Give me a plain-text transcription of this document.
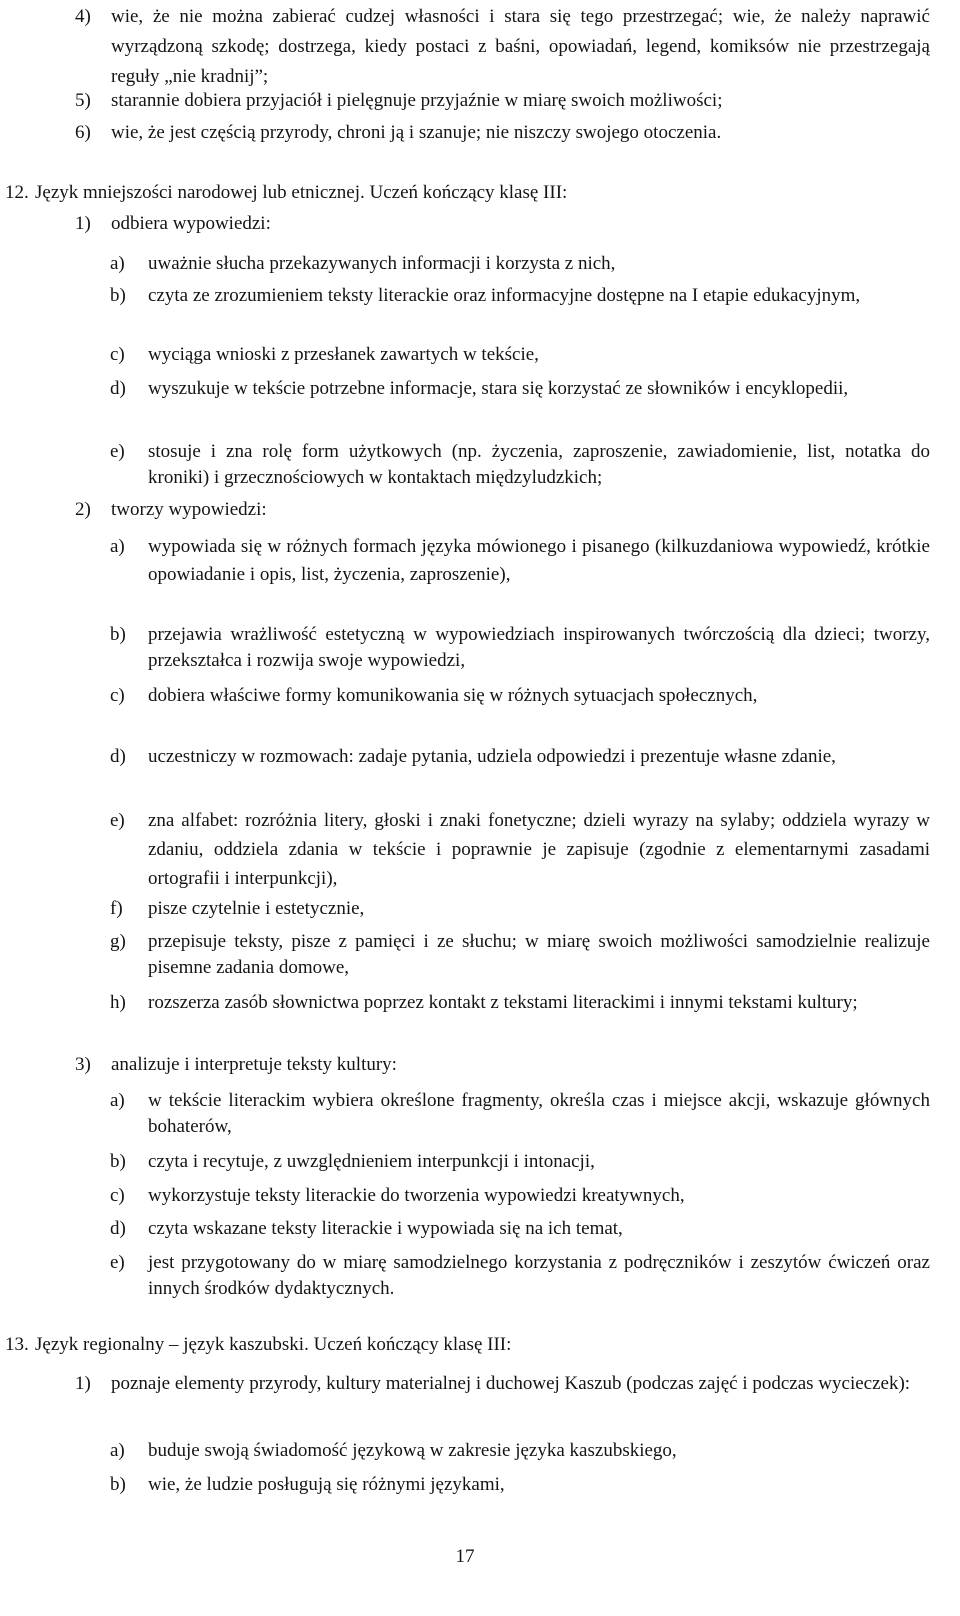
4)	wie, że nie można zabierać cudzej własności i stara się tego przestrzegać; wie, że należy naprawić wyrządzoną szkodę; dostrzega, kiedy postaci z baśni, opowiadań, legend, komiksów nie przestrzegają reguły „nie kradnij”;
5)	starannie dobiera przyjaciół i pielęgnuje przyjaźnie w miarę swoich możliwości;
6)	wie, że jest częścią przyrody, chroni ją i szanuje; nie niszczy swojego otoczenia.
12. Język mniejszości narodowej lub etnicznej. Uczeń kończący klasę III:
1)	odbiera wypowiedzi:
a)	uważnie słucha przekazywanych informacji i korzysta z nich,
b)	czyta ze zrozumieniem teksty literackie oraz informacyjne dostępne na I etapie edukacyjnym,
c)	wyciąga wnioski z przesłanek zawartych w tekście,
d)	wyszukuje w tekście potrzebne informacje, stara się korzystać ze słowników i encyklopedii,
e)	stosuje i zna rolę form użytkowych (np. życzenia, zaproszenie, zawiadomienie, list, notatka do kroniki) i grzecznościowych w kontaktach międzyludzkich;
2)	tworzy wypowiedzi:
a)	wypowiada się w różnych formach języka mówionego i pisanego (kilkuzdaniowa wypowiedź, krótkie opowiadanie i opis, list, życzenia, zaproszenie),
b)	przejawia wrażliwość estetyczną w wypowiedziach inspirowanych twórczością dla dzieci; tworzy, przekształca i rozwija swoje wypowiedzi,
c)	dobiera właściwe formy komunikowania się w różnych sytuacjach społecznych,
d)	uczestniczy w rozmowach: zadaje pytania, udziela odpowiedzi i prezentuje własne zdanie,
e)	zna alfabet: rozróżnia litery, głoski i znaki fonetyczne; dzieli wyrazy na sylaby; oddziela wyrazy w zdaniu, oddziela zdania w tekście i poprawnie je zapisuje (zgodnie z elementarnymi zasadami ortografii i interpunkcji),
f)	pisze czytelnie i estetycznie,
g)	przepisuje teksty, pisze z pamięci i ze słuchu; w miarę swoich możliwości samodzielnie realizuje pisemne zadania domowe,
h)	rozszerza zasób słownictwa poprzez kontakt z tekstami literackimi i innymi tekstami kultury;
3)	analizuje i interpretuje teksty kultury:
a)	w tekście literackim wybiera określone fragmenty, określa czas i miejsce akcji, wskazuje głównych bohaterów,
b)	czyta i recytuje, z uwzględnieniem interpunkcji i intonacji,
c)	wykorzystuje teksty literackie do tworzenia wypowiedzi kreatywnych,
d)	czyta wskazane teksty literackie i wypowiada się na ich temat,
e)	jest przygotowany do w miarę samodzielnego korzystania z podręczników i zeszytów ćwiczeń oraz innych środków dydaktycznych.
13. Język regionalny – język kaszubski. Uczeń kończący klasę III:
1)	poznaje elementy przyrody, kultury materialnej i duchowej Kaszub (podczas zajęć i podczas wycieczek):
a)	buduje swoją świadomość językową w zakresie języka kaszubskiego,
b)	wie, że ludzie posługują się różnymi językami,
17
